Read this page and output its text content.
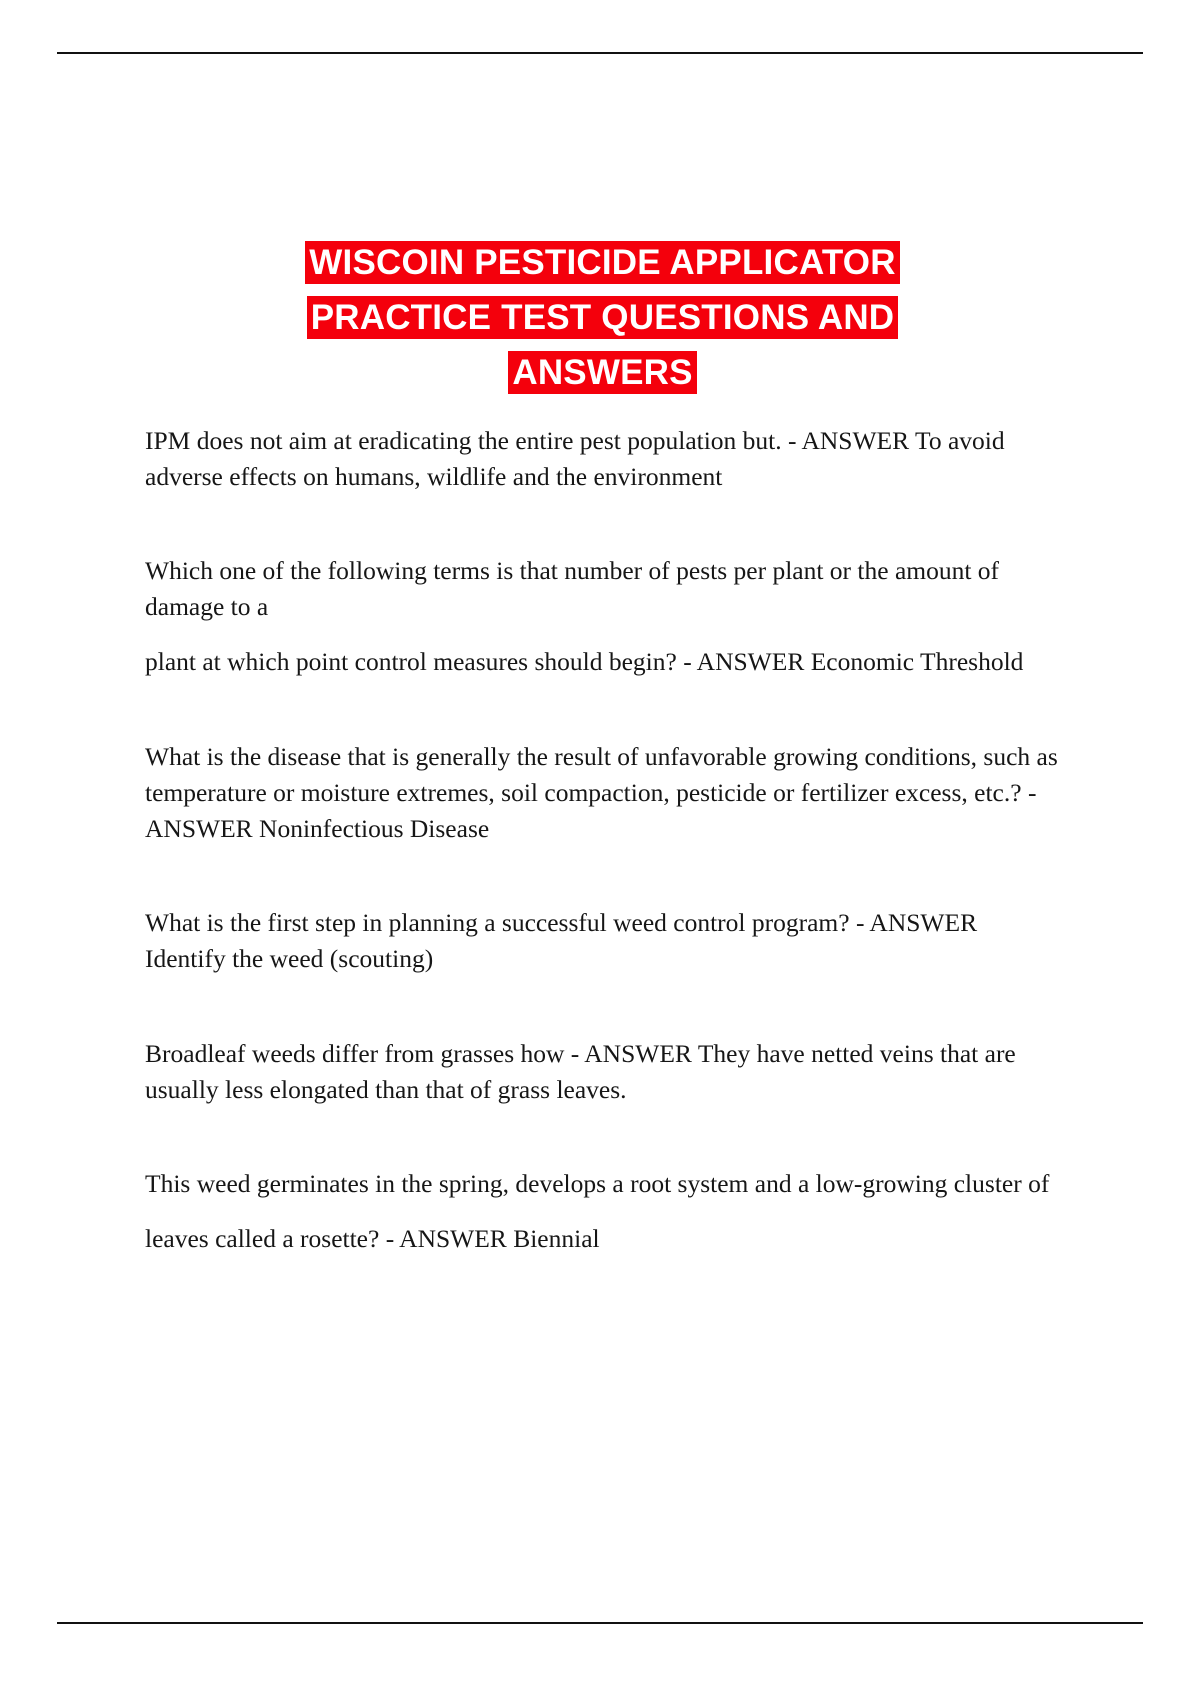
WISCOIN PESTICIDE APPLICATOR
PRACTICE TEST QUESTIONS AND
ANSWERS

IPM does not aim at eradicating the entire pest population but. - ANSWER To avoid adverse effects on humans, wildlife and the environment

Which one of the following terms is that number of pests per plant or the amount of damage to a

plant at which point control measures should begin? - ANSWER Economic Threshold

What is the disease that is generally the result of unfavorable growing conditions, such as temperature or moisture extremes, soil compaction, pesticide or fertilizer excess, etc.? - ANSWER Noninfectious Disease

What is the first step in planning a successful weed control program? - ANSWER Identify the weed (scouting)

Broadleaf weeds differ from grasses how - ANSWER They have netted veins that are usually less elongated than that of grass leaves.

This weed germinates in the spring, develops a root system and a low-growing cluster of

leaves called a rosette? - ANSWER Biennial
